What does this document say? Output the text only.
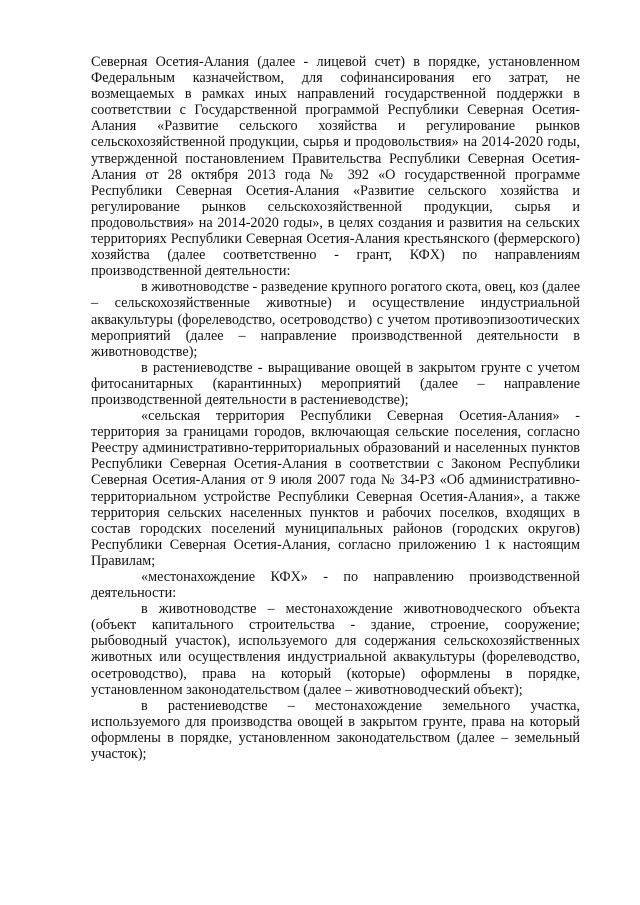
Северная Осетия-Алания (далее - лицевой счет) в порядке, установленном Федеральным казначейством, для софинансирования его затрат, не возмещаемых в рамках иных направлений государственной поддержки в соответствии с Государственной программой Республики Северная Осетия-Алания «Развитие сельского хозяйства и регулирование рынков сельскохозяйственной продукции, сырья и продовольствия» на 2014-2020 годы, утвержденной постановлением Правительства Республики Северная Осетия-Алания от 28 октября 2013 года № 392 «О государственной программе Республики Северная Осетия-Алания «Развитие сельского хозяйства и регулирование рынков сельскохозяйственной продукции, сырья и продовольствия» на 2014-2020 годы», в целях создания и развития на сельских территориях Республики Северная Осетия-Алания крестьянского (фермерского) хозяйства (далее соответственно - грант, КФХ) по направлениям производственной деятельности:

в животноводстве - разведение крупного рогатого скота, овец, коз (далее – сельскохозяйственные животные) и осуществление индустриальной аквакультуры (форелеводство, осетроводство) с учетом противоэпизоотических мероприятий (далее – направление производственной деятельности в животноводстве);

в растениеводстве - выращивание овощей в закрытом грунте с учетом фитосанитарных (карантинных) мероприятий (далее – направление производственной деятельности в растениеводстве);

«сельская территория Республики Северная Осетия-Алания» - территория за границами городов, включающая сельские поселения, согласно Реестру административно-территориальных образований и населенных пунктов Республики Северная Осетия-Алания в соответствии с Законом Республики Северная Осетия-Алания от 9 июля 2007 года № 34-РЗ «Об административно-территориальном устройстве Республики Северная Осетия-Алания», а также территория сельских населенных пунктов и рабочих поселков, входящих в состав городских поселений муниципальных районов (городских округов) Республики Северная Осетия-Алания, согласно приложению 1 к настоящим Правилам;

«местонахождение КФХ» - по направлению производственной деятельности:

в животноводстве – местонахождение животноводческого объекта (объект капитального строительства - здание, строение, сооружение; рыбоводный участок), используемого для содержания сельскохозяйственных животных или осуществления индустриальной аквакультуры (форелеводство, осетроводство), права на который (которые) оформлены в порядке, установленном законодательством (далее – животноводческий объект);

в растениеводстве – местонахождение земельного участка, используемого для производства овощей в закрытом грунте, права на который оформлены в порядке, установленном законодательством (далее – земельный участок);
